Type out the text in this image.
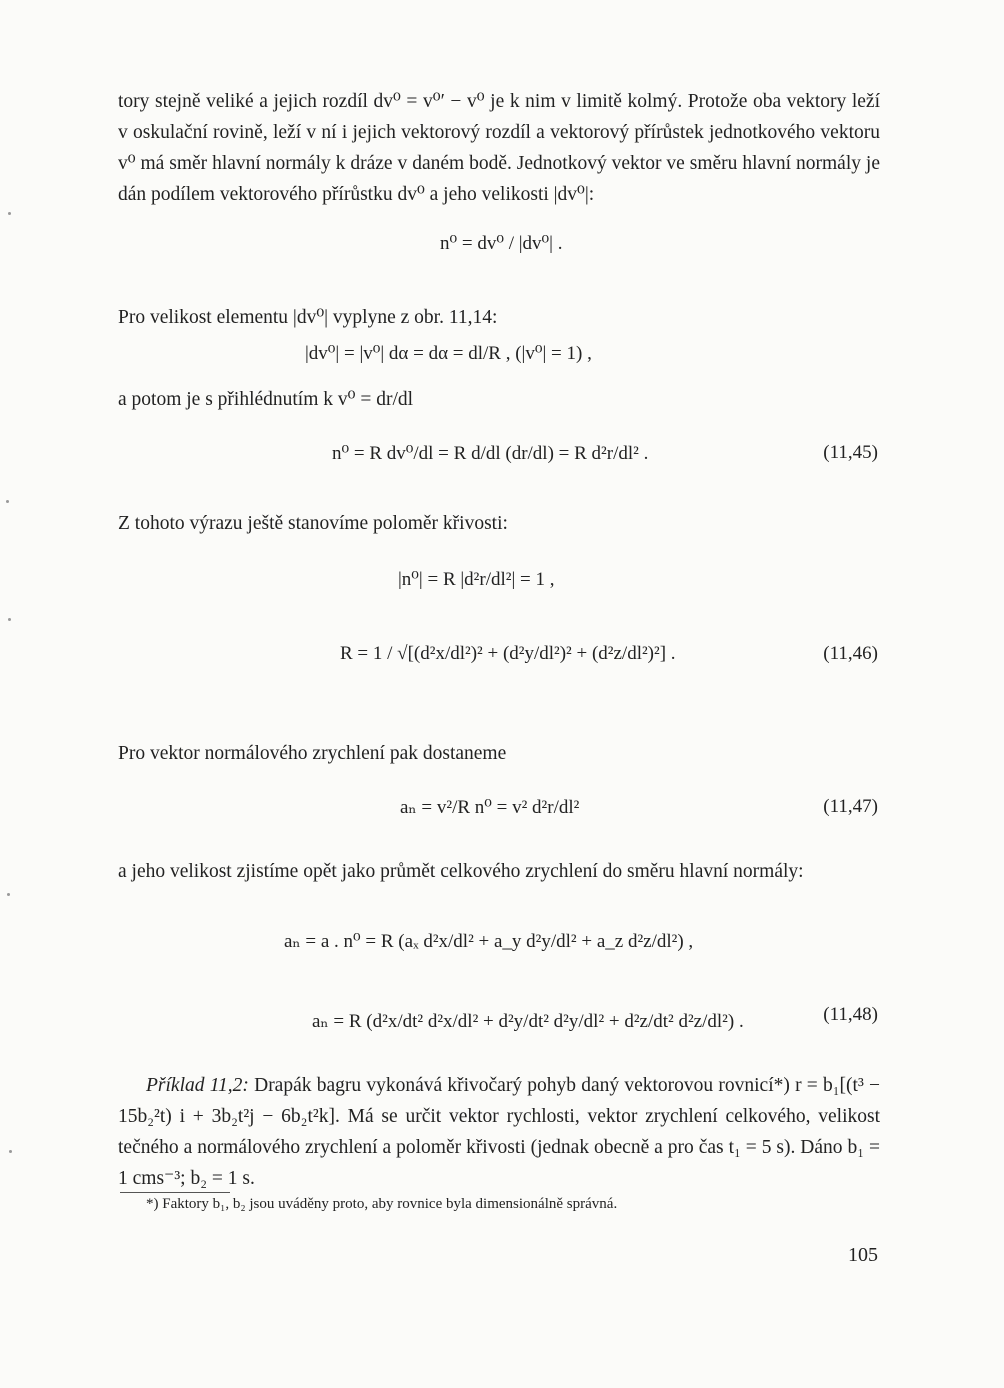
tory stejně veliké a jejich rozdíl dv⁰ = v⁰′ − v⁰ je k nim v limitě kolmý. Protože oba vektory leží v oskulační rovině, leží v ní i jejich vektorový rozdíl a vektorový přírůstek jednotkového vektoru v⁰ má směr hlavní normály k dráze v daném bodě. Jednotkový vektor ve směru hlavní normály je dán podílem vektorového přírůstku dv⁰ a jeho velikosti |dv⁰|:

n⁰ = dv⁰ / |dv⁰| .

Pro velikost elementu |dv⁰| vyplyne z obr. 11,14:

|dv⁰| = |v⁰| dα = dα = dl/R , (|v⁰| = 1) ,

a potom je s přihlédnutím k v⁰ = dr/dl

n⁰ = R dv⁰/dl = R d/dl (dr/dl) = R d²r/dl² .	(11,45)

Z tohoto výrazu ještě stanovíme poloměr křivosti:

|n⁰| = R |d²r/dl²| = 1 ,
R = 1 / √[(d²x/dl²)² + (d²y/dl²)² + (d²z/dl²)²] .	(11,46)

Pro vektor normálového zrychlení pak dostaneme

aₙ = v²/R n⁰ = v² d²r/dl²	(11,47)

a jeho velikost zjistíme opět jako průmět celkového zrychlení do směru hlavní normály:

aₙ = a . n⁰ = R (aₓ d²x/dl² + a_y d²y/dl² + a_z d²z/dl²) ,
aₙ = R (d²x/dt² d²x/dl² + d²y/dt² d²y/dl² + d²z/dt² d²z/dl²) .	(11,48)

Příklad 11,2: Drapák bagru vykonává křivočarý pohyb daný vektorovou rovnicí*) r = b₁[(t³ − 15b₂²t) i + 3b₂t²j − 6b₂t²k]. Má se určit vektor rychlosti, vektor zrychlení celkového, velikost tečného a normálového zrychlení a poloměr křivosti (jednak obecně a pro čas t₁ = 5 s). Dáno b₁ = 1 cms⁻³; b₂ = 1 s.

*) Faktory b₁, b₂ jsou uváděny proto, aby rovnice byla dimensionálně správná.
105
